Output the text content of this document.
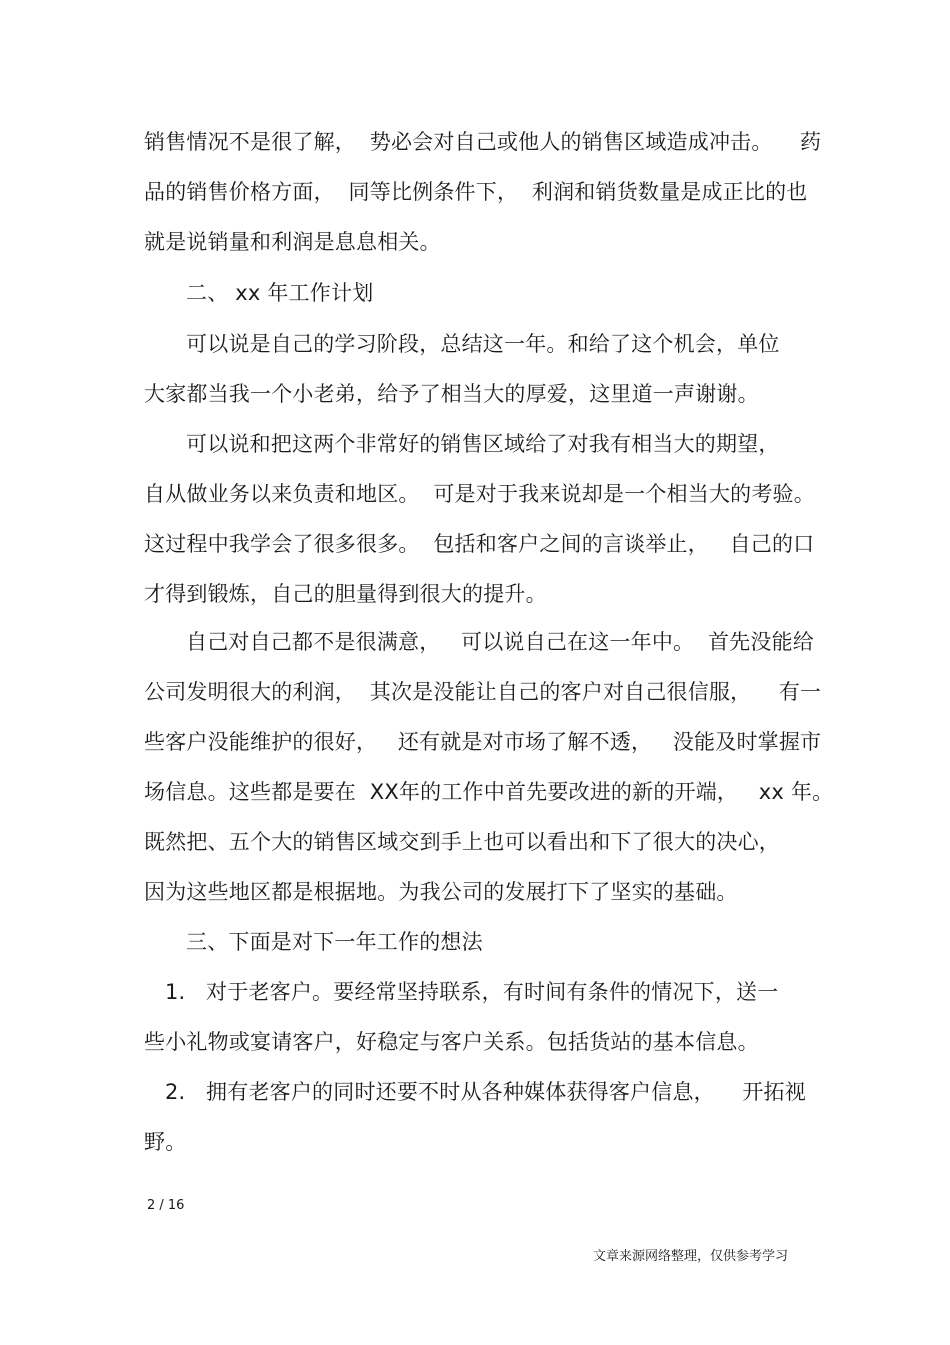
销售情况不是很了解，  势必会对自己或他人的销售区域造成冲击。    药
品的销售价格方面，  同等比例条件下，  利润和销货数量是成正比的也
就是说销量和利润是息息相关。
二、 xx 年工作计划
可以说是自己的学习阶段，总结这一年。和给了这个机会，单位
大家都当我一个小老弟，给予了相当大的厚爱，这里道一声谢谢。
可以说和把这两个非常好的销售区域给了对我有相当大的期望，
自从做业务以来负责和地区。  可是对于我来说却是一个相当大的考验。
这过程中我学会了很多很多。  包括和客户之间的言谈举止，   自己的口
才得到锻炼，自己的胆量得到很大的提升。
自己对自己都不是很满意，   可以说自己在这一年中。  首先没能给
公司发明很大的利润，  其次是没能让自己的客户对自己很信服，    有一
些客户没能维护的很好，   还有就是对市场了解不透，   没能及时掌握市
场信息。这些都是要在  XX年的工作中首先要改进的新的开端，   xx 年。
既然把、五个大的销售区域交到手上也可以看出和下了很大的决心，
因为这些地区都是根据地。为我公司的发展打下了坚实的基础。
三、下面是对下一年工作的想法
1.   对于老客户。要经常坚持联系，有时间有条件的情况下，送一
些小礼物或宴请客户，好稳定与客户关系。包括货站的基本信息。
2.   拥有老客户的同时还要不时从各种媒体获得客户信息，    开拓视
野。
2 / 16
文章来源网络整理，仅供参考学习
